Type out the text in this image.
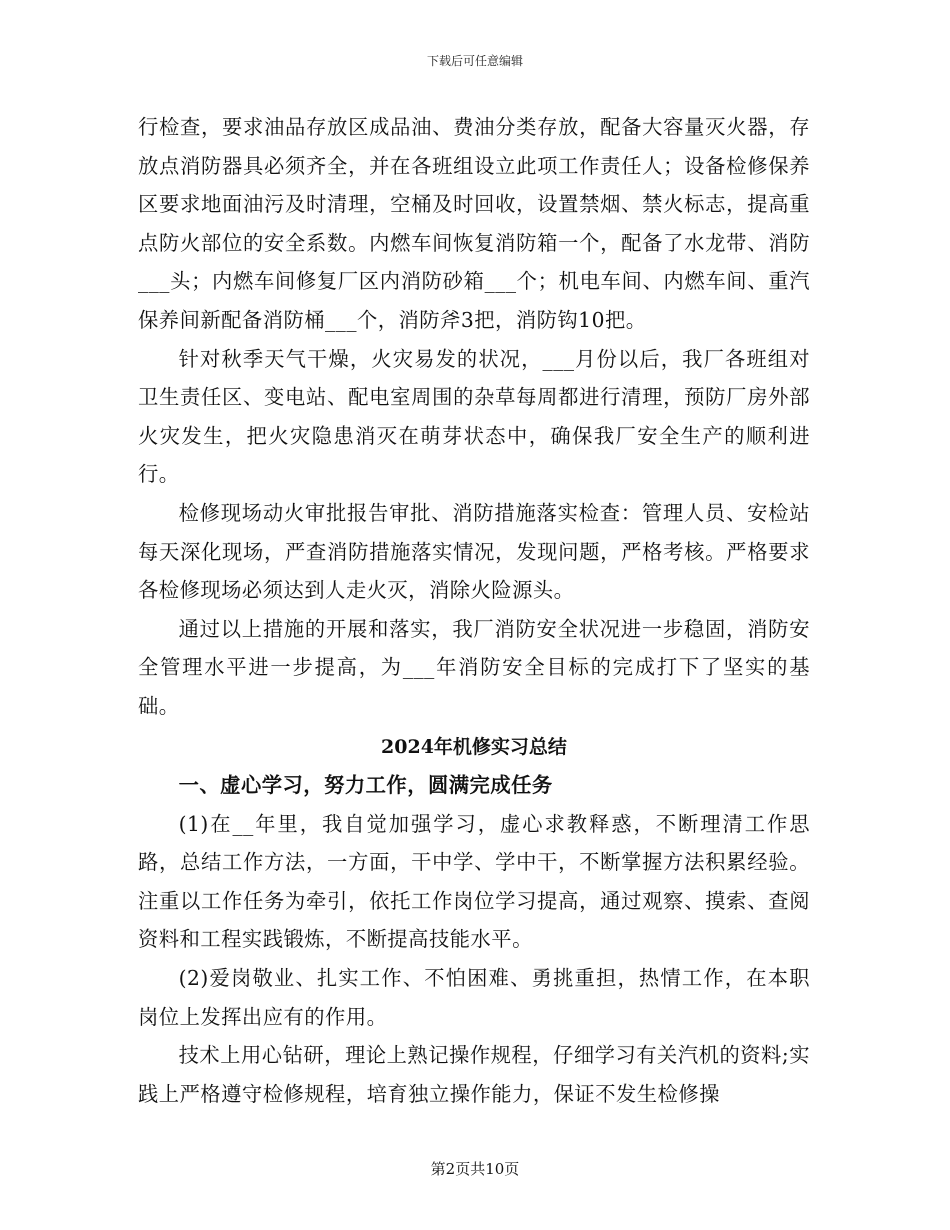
下载后可任意编辑

行检查，要求油品存放区成品油、费油分类存放，配备大容量灭火器，存放点消防器具必须齐全，并在各班组设立此项工作责任人；设备检修保养区要求地面油污及时清理，空桶及时回收，设置禁烟、禁火标志，提高重点防火部位的安全系数。内燃车间恢复消防箱一个，配备了水龙带、消防___头；内燃车间修复厂区内消防砂箱___个；机电车间、内燃车间、重汽保养间新配备消防桶___个，消防斧3把，消防钩10把。

针对秋季天气干燥，火灾易发的状况，___月份以后，我厂各班组对卫生责任区、变电站、配电室周围的杂草每周都进行清理，预防厂房外部火灾发生，把火灾隐患消灭在萌芽状态中，确保我厂安全生产的顺利进行。

检修现场动火审批报告审批、消防措施落实检查：管理人员、安检站每天深化现场，严查消防措施落实情况，发现问题，严格考核。严格要求各检修现场必须达到人走火灭，消除火险源头。

通过以上措施的开展和落实，我厂消防安全状况进一步稳固，消防安全管理水平进一步提高，为___年消防安全目标的完成打下了坚实的基础。

2024年机修实习总结
一、虚心学习，努力工作，圆满完成任务

(1)在__年里，我自觉加强学习，虚心求教释惑，不断理清工作思路，总结工作方法，一方面，干中学、学中干，不断掌握方法积累经验。注重以工作任务为牵引，依托工作岗位学习提高，通过观察、摸索、查阅资料和工程实践锻炼，不断提高技能水平。

(2)爱岗敬业、扎实工作、不怕困难、勇挑重担，热情工作，在本职岗位上发挥出应有的作用。

技术上用心钻研，理论上熟记操作规程，仔细学习有关汽机的资料;实践上严格遵守检修规程，培育独立操作能力，保证不发生检修操

第2页共10页
